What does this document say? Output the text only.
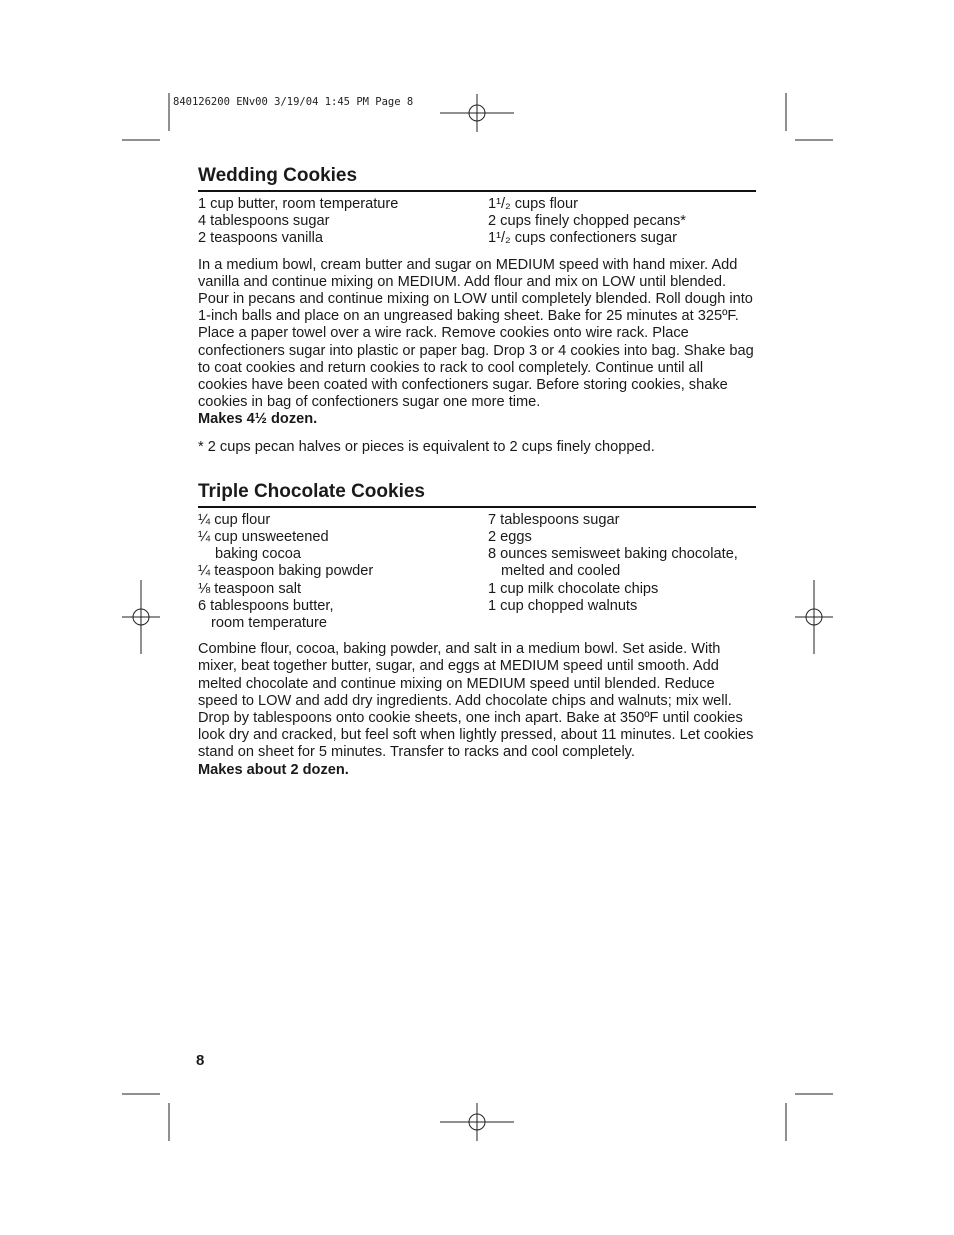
840126200 ENv00 3/19/04 1:45 PM Page 8
Wedding Cookies
1 cup butter, room temperature
4 tablespoons sugar
2 teaspoons vanilla
1¹/₂ cups flour
2 cups finely chopped pecans*
1¹/₂ cups confectioners sugar

In a medium bowl, cream butter and sugar on MEDIUM speed with hand mixer. Add vanilla and continue mixing on MEDIUM. Add flour and mix on LOW until blended. Pour in pecans and continue mixing on LOW until completely blended. Roll dough into 1-inch balls and place on an ungreased baking sheet. Bake for 25 minutes at 325ºF. Place a paper towel over a wire rack. Remove cookies onto wire rack. Place confectioners sugar into plastic or paper bag. Drop 3 or 4 cookies into bag. Shake bag to coat cookies and return cookies to rack to cool completely. Continue until all cookies have been coated with confectioners sugar. Before storing cookies, shake cookies in bag of confectioners sugar one more time.

Makes 4½ dozen.

* 2 cups pecan halves or pieces is equivalent to 2 cups finely chopped.
Triple Chocolate Cookies
¼ cup flour
¼ cup unsweetened
baking cocoa
¼ teaspoon baking powder
⅛ teaspoon salt
6 tablespoons butter,
room temperature
7 tablespoons sugar
2 eggs
8 ounces semisweet baking chocolate,
melted and cooled
1 cup milk chocolate chips
1 cup chopped walnuts

Combine flour, cocoa, baking powder, and salt in a medium bowl. Set aside. With mixer, beat together butter, sugar, and eggs at MEDIUM speed until smooth. Add melted chocolate and continue mixing on MEDIUM speed until blended. Reduce speed to LOW and add dry ingredients. Add chocolate chips and walnuts; mix well. Drop by tablespoons onto cookie sheets, one inch apart. Bake at 350ºF until cookies look dry and cracked, but feel soft when lightly pressed, about 11 minutes. Let cookies stand on sheet for 5 minutes. Transfer to racks and cool completely.

Makes about 2 dozen.

8
